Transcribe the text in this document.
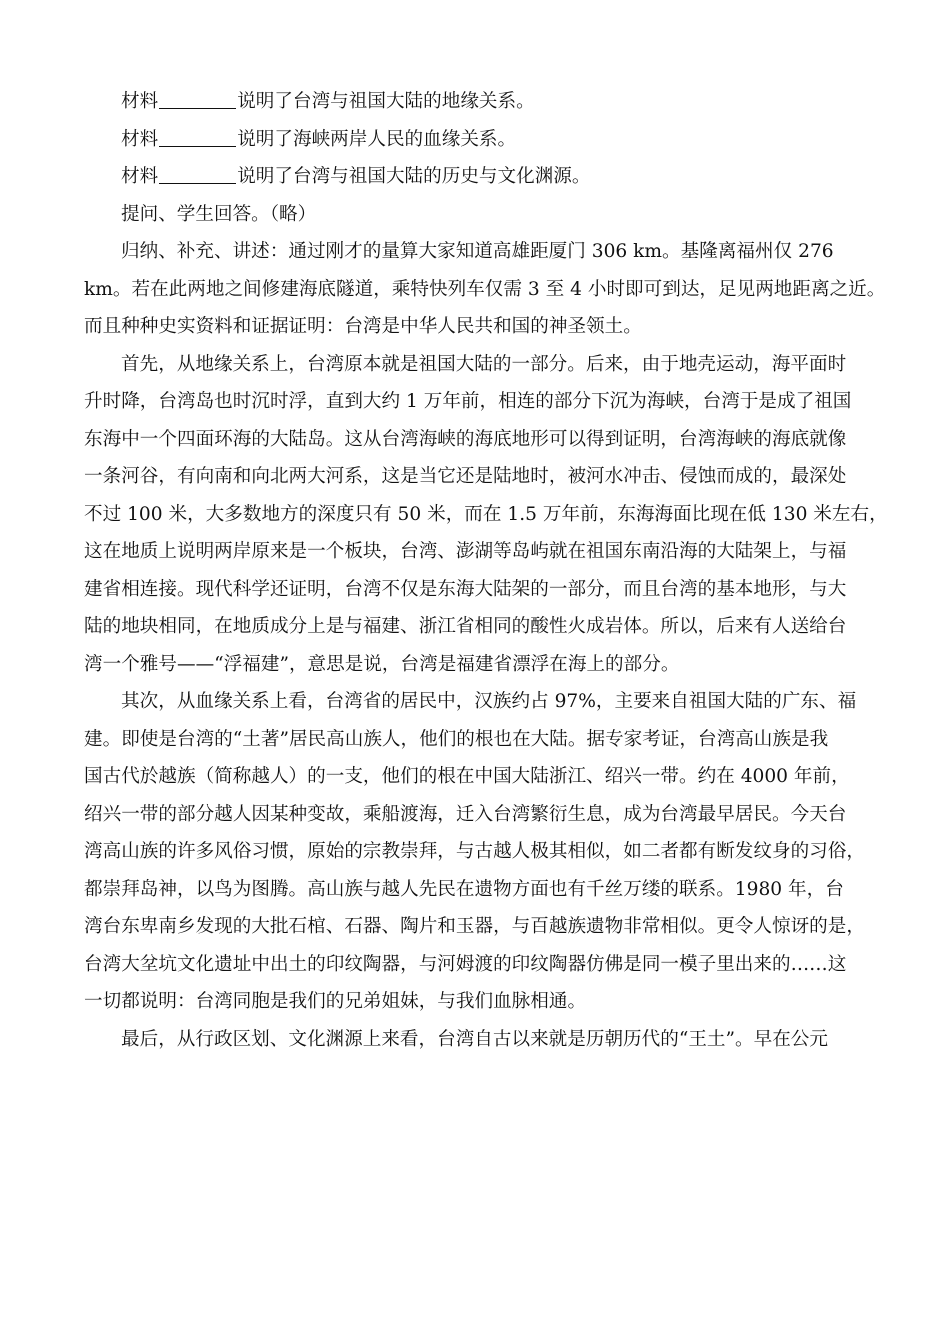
材料	说明了台湾与祖国大陆的地缘关系。
材料	说明了海峡两岸人民的血缘关系。
材料	说明了台湾与祖国大陆的历史与文化渊源。
提问、学生回答。（略）
归纳、补充、讲述：通过刚才的量算大家知道高雄距厦门 306 km。基隆离福州仅 276
km。若在此两地之间修建海底隧道，乘特快列车仅需 3 至 4 小时即可到达，足见两地距离之近。
而且种种史实资料和证据证明：台湾是中华人民共和国的神圣领土。
首先，从地缘关系上，台湾原本就是祖国大陆的一部分。后来，由于地壳运动，海平面时
升时降，台湾岛也时沉时浮，直到大约 1 万年前，相连的部分下沉为海峡，台湾于是成了祖国
东海中一个四面环海的大陆岛。这从台湾海峡的海底地形可以得到证明，台湾海峡的海底就像
一条河谷，有向南和向北两大河系，这是当它还是陆地时，被河水冲击、侵蚀而成的，最深处
不过 100 米，大多数地方的深度只有 50 米，而在 1.5 万年前，东海海面比现在低 130 米左右，
这在地质上说明两岸原来是一个板块，台湾、澎湖等岛屿就在祖国东南沿海的大陆架上，与福
建省相连接。现代科学还证明，台湾不仅是东海大陆架的一部分，而且台湾的基本地形，与大
陆的地块相同，在地质成分上是与福建、浙江省相同的酸性火成岩体。所以，后来有人送给台
湾一个雅号——“浮福建”，意思是说，台湾是福建省漂浮在海上的部分。
其次，从血缘关系上看，台湾省的居民中，汉族约占 97%，主要来自祖国大陆的广东、福
建。即使是台湾的“土著”居民高山族人，他们的根也在大陆。据专家考证，台湾高山族是我
国古代於越族（简称越人）的一支，他们的根在中国大陆浙江、绍兴一带。约在 4000 年前，
绍兴一带的部分越人因某种变故，乘船渡海，迁入台湾繁衍生息，成为台湾最早居民。今天台
湾高山族的许多风俗习惯，原始的宗教崇拜，与古越人极其相似，如二者都有断发纹身的习俗，
都崇拜岛神，以鸟为图腾。高山族与越人先民在遗物方面也有千丝万缕的联系。1980 年，台
湾台东卑南乡发现的大批石棺、石器、陶片和玉器，与百越族遗物非常相似。更令人惊讶的是，
台湾大坌坑文化遗址中出土的印纹陶器，与河姆渡的印纹陶器仿佛是同一模子里出来的……这
一切都说明：台湾同胞是我们的兄弟姐妹，与我们血脉相通。
最后，从行政区划、文化渊源上来看，台湾自古以来就是历朝历代的“王土”。早在公元
